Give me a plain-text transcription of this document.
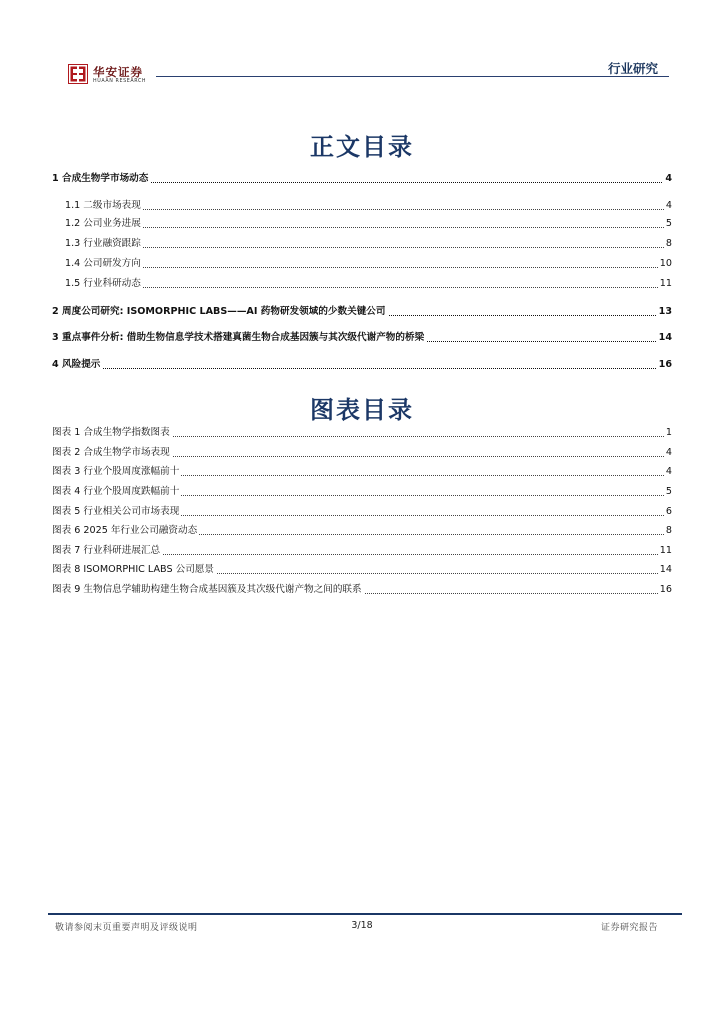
华安证券
HUAAN RESEARCH
行业研究
正文目录
1 合成生物学市场动态	4
1.1 二级市场表现	4
1.2 公司业务进展	5
1.3 行业融资跟踪	8
1.4 公司研发方向	10
1.5 行业科研动态	11
2 周度公司研究: ISOMORPHIC LABS——AI 药物研发领域的少数关键公司	13
3 重点事件分析: 借助生物信息学技术搭建真菌生物合成基因簇与其次级代谢产物的桥梁	14
4 风险提示	16
图表目录
图表 1 合成生物学指数图表	1
图表 2 合成生物学市场表现	4
图表 3 行业个股周度涨幅前十	4
图表 4 行业个股周度跌幅前十	5
图表 5 行业相关公司市场表现	6
图表 6 2025 年行业公司融资动态	8
图表 7 行业科研进展汇总	11
图表 8 ISOMORPHIC LABS 公司愿景	14
图表 9 生物信息学辅助构建生物合成基因簇及其次级代谢产物之间的联系	16
敬请参阅末页重要声明及评级说明	3/18	证券研究报告
